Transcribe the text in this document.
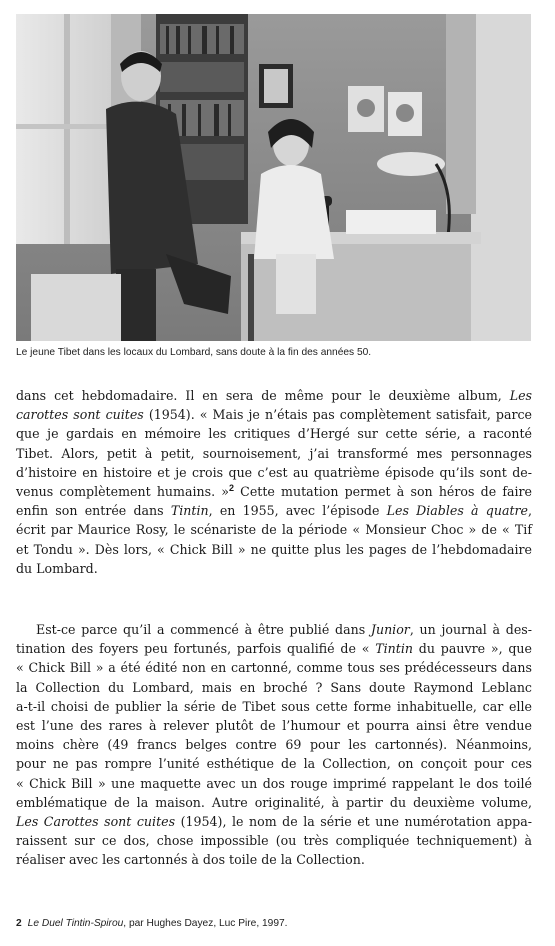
Le jeune Tibet dans les locaux du Lombard, sans doute à la fin des années 50.
dans cet hebdomadaire. Il en sera de même pour le deuxième album, Les
carottes sont cuites (1954). « Mais je n’étais pas complètement satisfait, parce
que je gardais en mémoire les critiques d’Hergé sur cette série, a raconté
Tibet. Alors, petit à petit, sournoisement, j’ai transformé mes personnages
d’histoire en histoire et je crois que c’est au quatrième épisode qu’ils sont de-
venus complètement humains. »$^2$ Cette mutation permet à son héros de faire
enfin son entrée dans Tintin, en 1955, avec l’épisode Les Diables à quatre,
écrit par Maurice Rosy, le scénariste de la période « Monsieur Choc » de « Tif
et Tondu ». Dès lors, « Chick Bill » ne quitte plus les pages de l’hebdomadaire
du Lombard.
Est-ce parce qu’il a commencé à être publié dans Junior, un journal à des-
tination des foyers peu fortunés, parfois qualifié de « Tintin du pauvre », que
« Chick Bill » a été édité non en cartonné, comme tous ses prédécesseurs dans
la Collection du Lombard, mais en broché ? Sans doute Raymond Leblanc
a-t-il choisi de publier la série de Tibet sous cette forme inhabituelle, car elle
est l’une des rares à relever plutôt de l’humour et pourra ainsi être vendue
moins chère (49 francs belges contre 69 pour les cartonnés). Néanmoins,
pour ne pas rompre l’unité esthétique de la Collection, on conçoit pour ces
« Chick Bill » une maquette avec un dos rouge imprimé rappelant le dos toilé
emblématique de la maison. Autre originalité, à partir du deuxième volume,
Les Carottes sont cuites (1954), le nom de la série et une numérotation appa-
raissent sur ce dos, chose impossible (ou très compliquée techniquement) à
réaliser avec les cartonnés à dos toile de la Collection.
2 Le Duel Tintin-Spirou, par Hughes Dayez, Luc Pire, 1997.
